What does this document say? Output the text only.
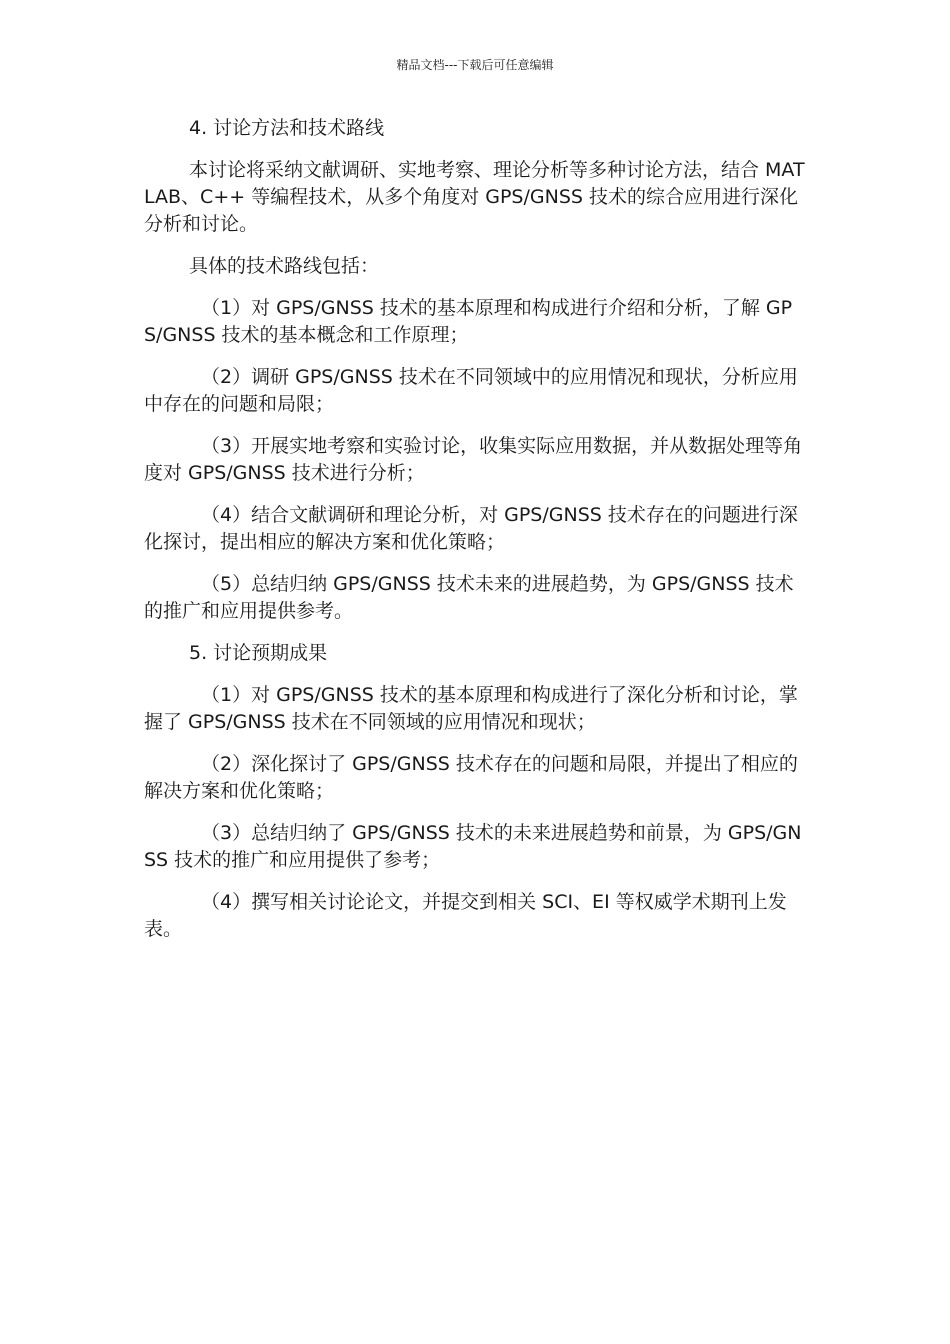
精品文档---下载后可任意编辑

4. 讨论方法和技术路线

本讨论将采纳文献调研、实地考察、理论分析等多种讨论方法，结合 MATLAB、C++ 等编程技术，从多个角度对 GPS/GNSS 技术的综合应用进行深化分析和讨论。

具体的技术路线包括：

（1）对 GPS/GNSS 技术的基本原理和构成进行介绍和分析，了解 GPS/GNSS 技术的基本概念和工作原理；

（2）调研 GPS/GNSS 技术在不同领域中的应用情况和现状，分析应用中存在的问题和局限；

（3）开展实地考察和实验讨论，收集实际应用数据，并从数据处理等角度对 GPS/GNSS 技术进行分析；

（4）结合文献调研和理论分析，对 GPS/GNSS 技术存在的问题进行深化探讨，提出相应的解决方案和优化策略；

（5）总结归纳 GPS/GNSS 技术未来的进展趋势，为 GPS/GNSS 技术的推广和应用提供参考。

5. 讨论预期成果

（1）对 GPS/GNSS 技术的基本原理和构成进行了深化分析和讨论，掌握了 GPS/GNSS 技术在不同领域的应用情况和现状；

（2）深化探讨了 GPS/GNSS 技术存在的问题和局限，并提出了相应的解决方案和优化策略；

（3）总结归纳了 GPS/GNSS 技术的未来进展趋势和前景，为 GPS/GNSS 技术的推广和应用提供了参考；

（4）撰写相关讨论论文，并提交到相关 SCI、EI 等权威学术期刊上发表。
